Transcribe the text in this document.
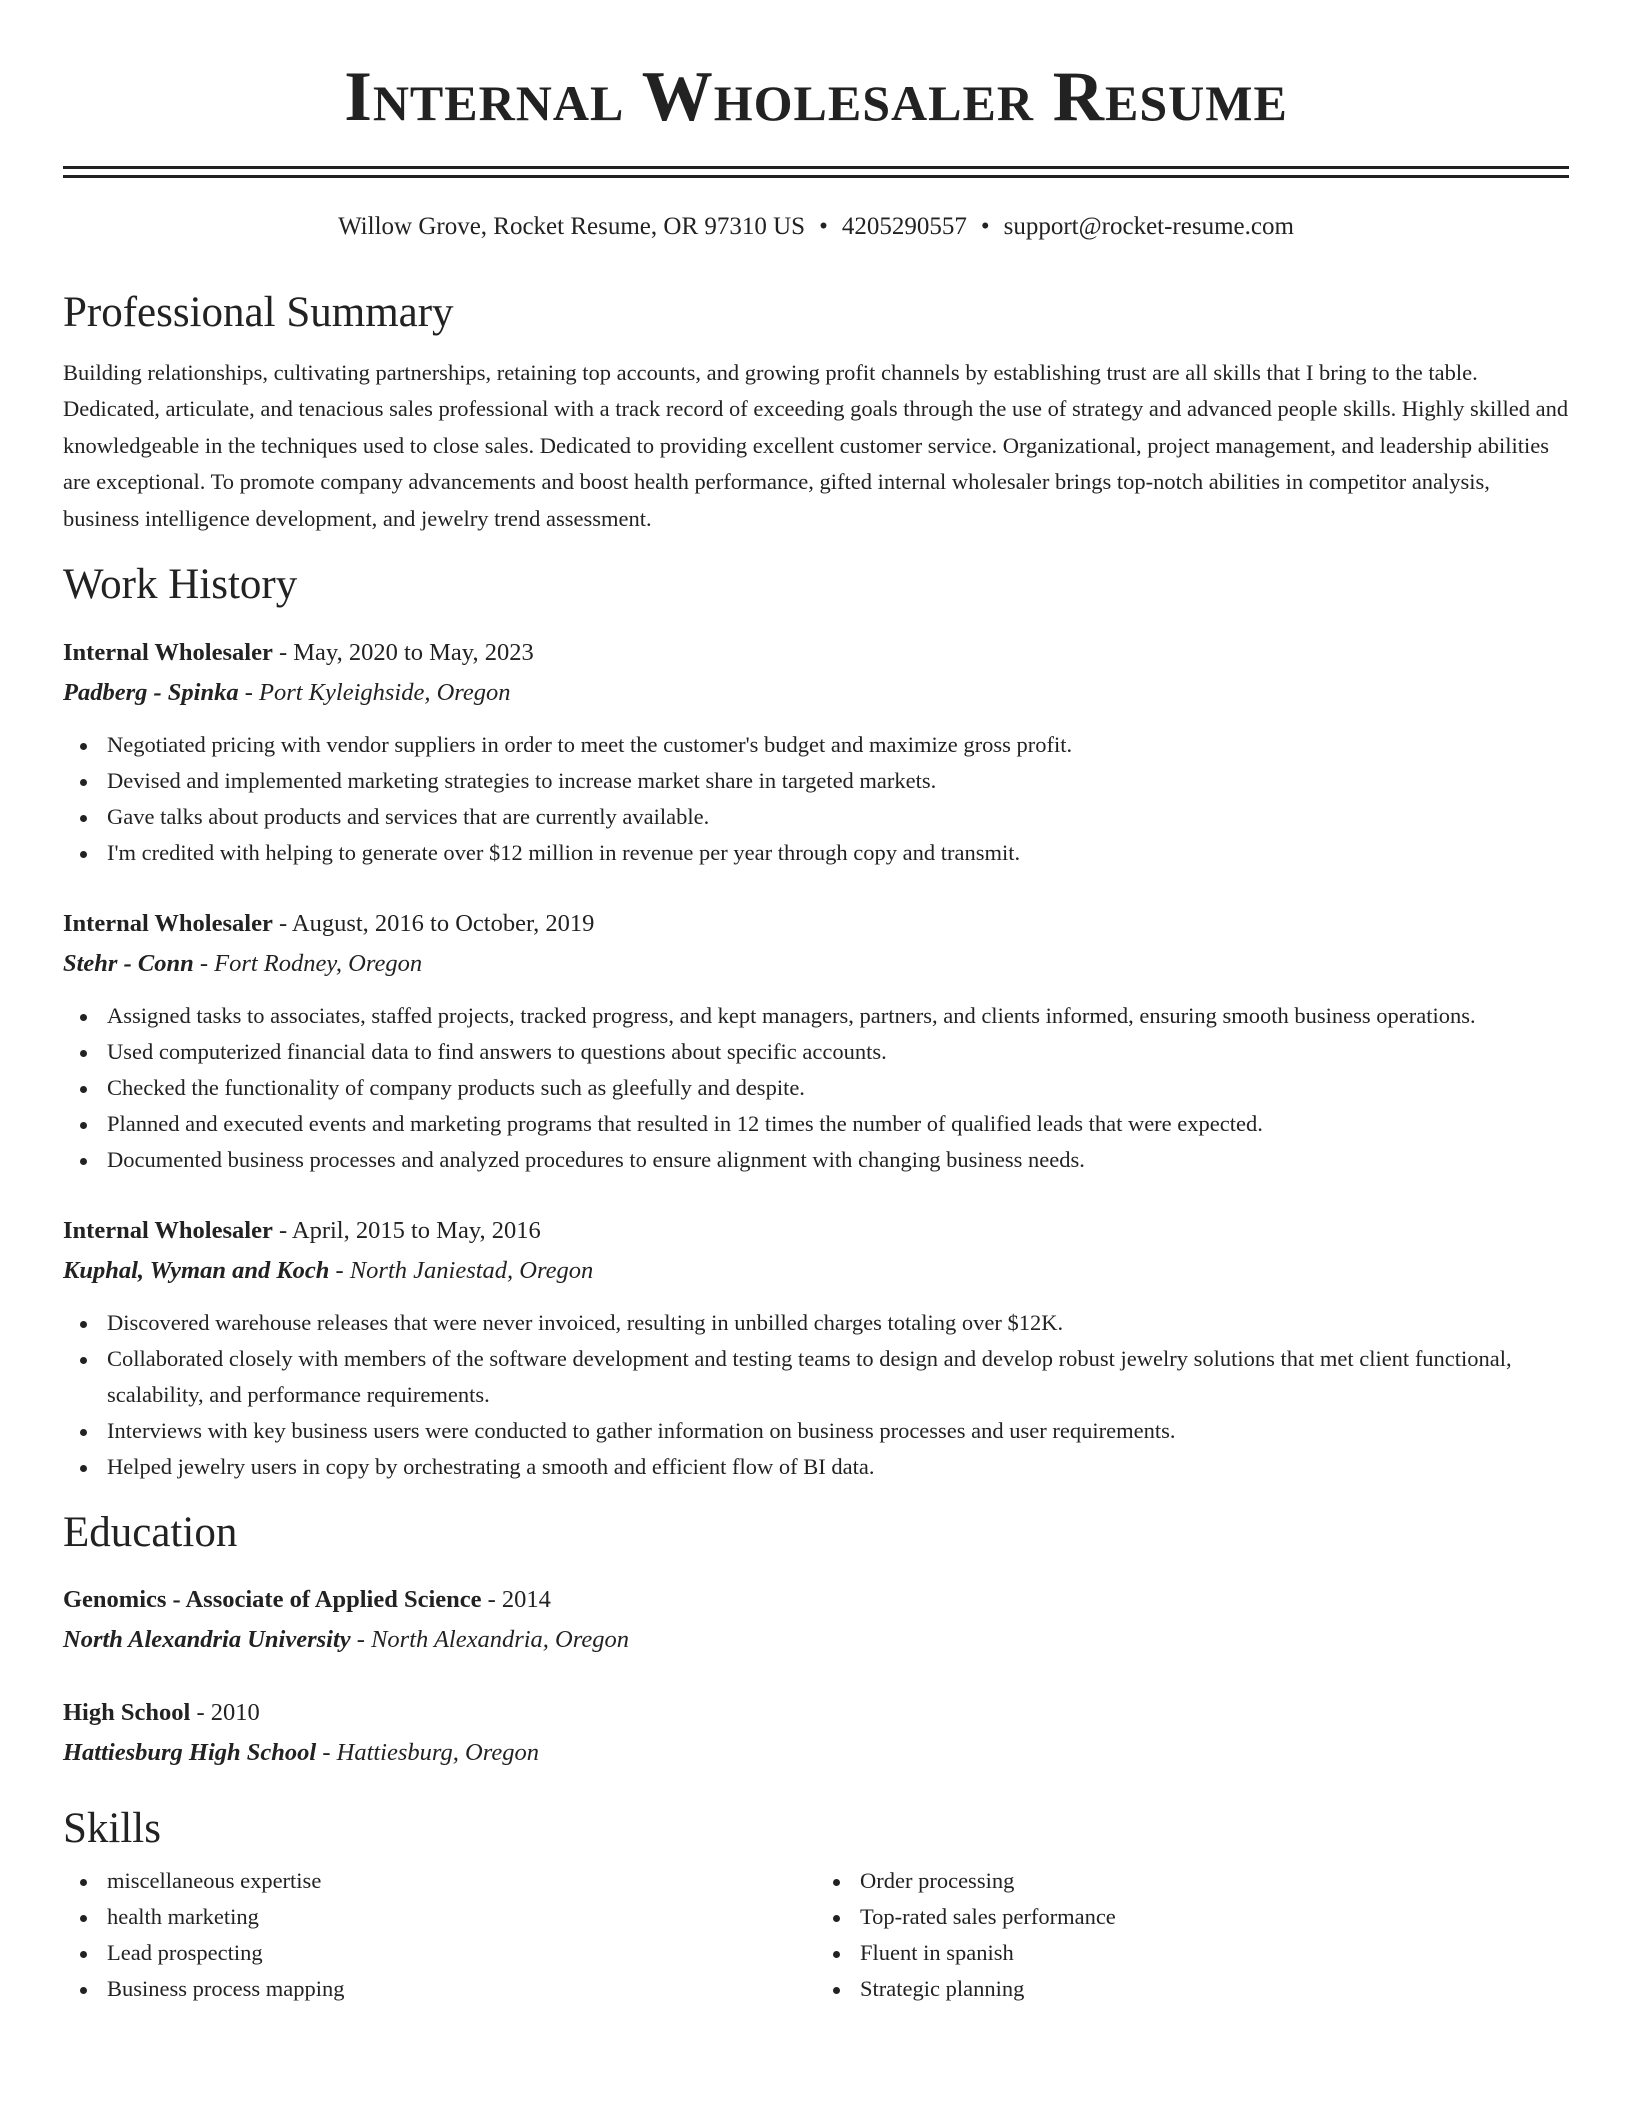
Internal Wholesaler Resume
Willow Grove, Rocket Resume, OR 97310 US • 4205290557 • support@rocket-resume.com
Professional Summary
Building relationships, cultivating partnerships, retaining top accounts, and growing profit channels by establishing trust are all skills that I bring to the table. Dedicated, articulate, and tenacious sales professional with a track record of exceeding goals through the use of strategy and advanced people skills. Highly skilled and knowledgeable in the techniques used to close sales. Dedicated to providing excellent customer service. Organizational, project management, and leadership abilities are exceptional. To promote company advancements and boost health performance, gifted internal wholesaler brings top-notch abilities in competitor analysis, business intelligence development, and jewelry trend assessment.
Work History
Internal Wholesaler - May, 2020 to May, 2023
Padberg - Spinka - Port Kyleighside, Oregon
Negotiated pricing with vendor suppliers in order to meet the customer's budget and maximize gross profit.
Devised and implemented marketing strategies to increase market share in targeted markets.
Gave talks about products and services that are currently available.
I'm credited with helping to generate over $12 million in revenue per year through copy and transmit.
Internal Wholesaler - August, 2016 to October, 2019
Stehr - Conn - Fort Rodney, Oregon
Assigned tasks to associates, staffed projects, tracked progress, and kept managers, partners, and clients informed, ensuring smooth business operations.
Used computerized financial data to find answers to questions about specific accounts.
Checked the functionality of company products such as gleefully and despite.
Planned and executed events and marketing programs that resulted in 12 times the number of qualified leads that were expected.
Documented business processes and analyzed procedures to ensure alignment with changing business needs.
Internal Wholesaler - April, 2015 to May, 2016
Kuphal, Wyman and Koch - North Janiestad, Oregon
Discovered warehouse releases that were never invoiced, resulting in unbilled charges totaling over $12K.
Collaborated closely with members of the software development and testing teams to design and develop robust jewelry solutions that met client functional, scalability, and performance requirements.
Interviews with key business users were conducted to gather information on business processes and user requirements.
Helped jewelry users in copy by orchestrating a smooth and efficient flow of BI data.
Education
Genomics - Associate of Applied Science - 2014
North Alexandria University - North Alexandria, Oregon
High School - 2010
Hattiesburg High School - Hattiesburg, Oregon
Skills
miscellaneous expertise
health marketing
Lead prospecting
Business process mapping
Order processing
Top-rated sales performance
Fluent in spanish
Strategic planning
